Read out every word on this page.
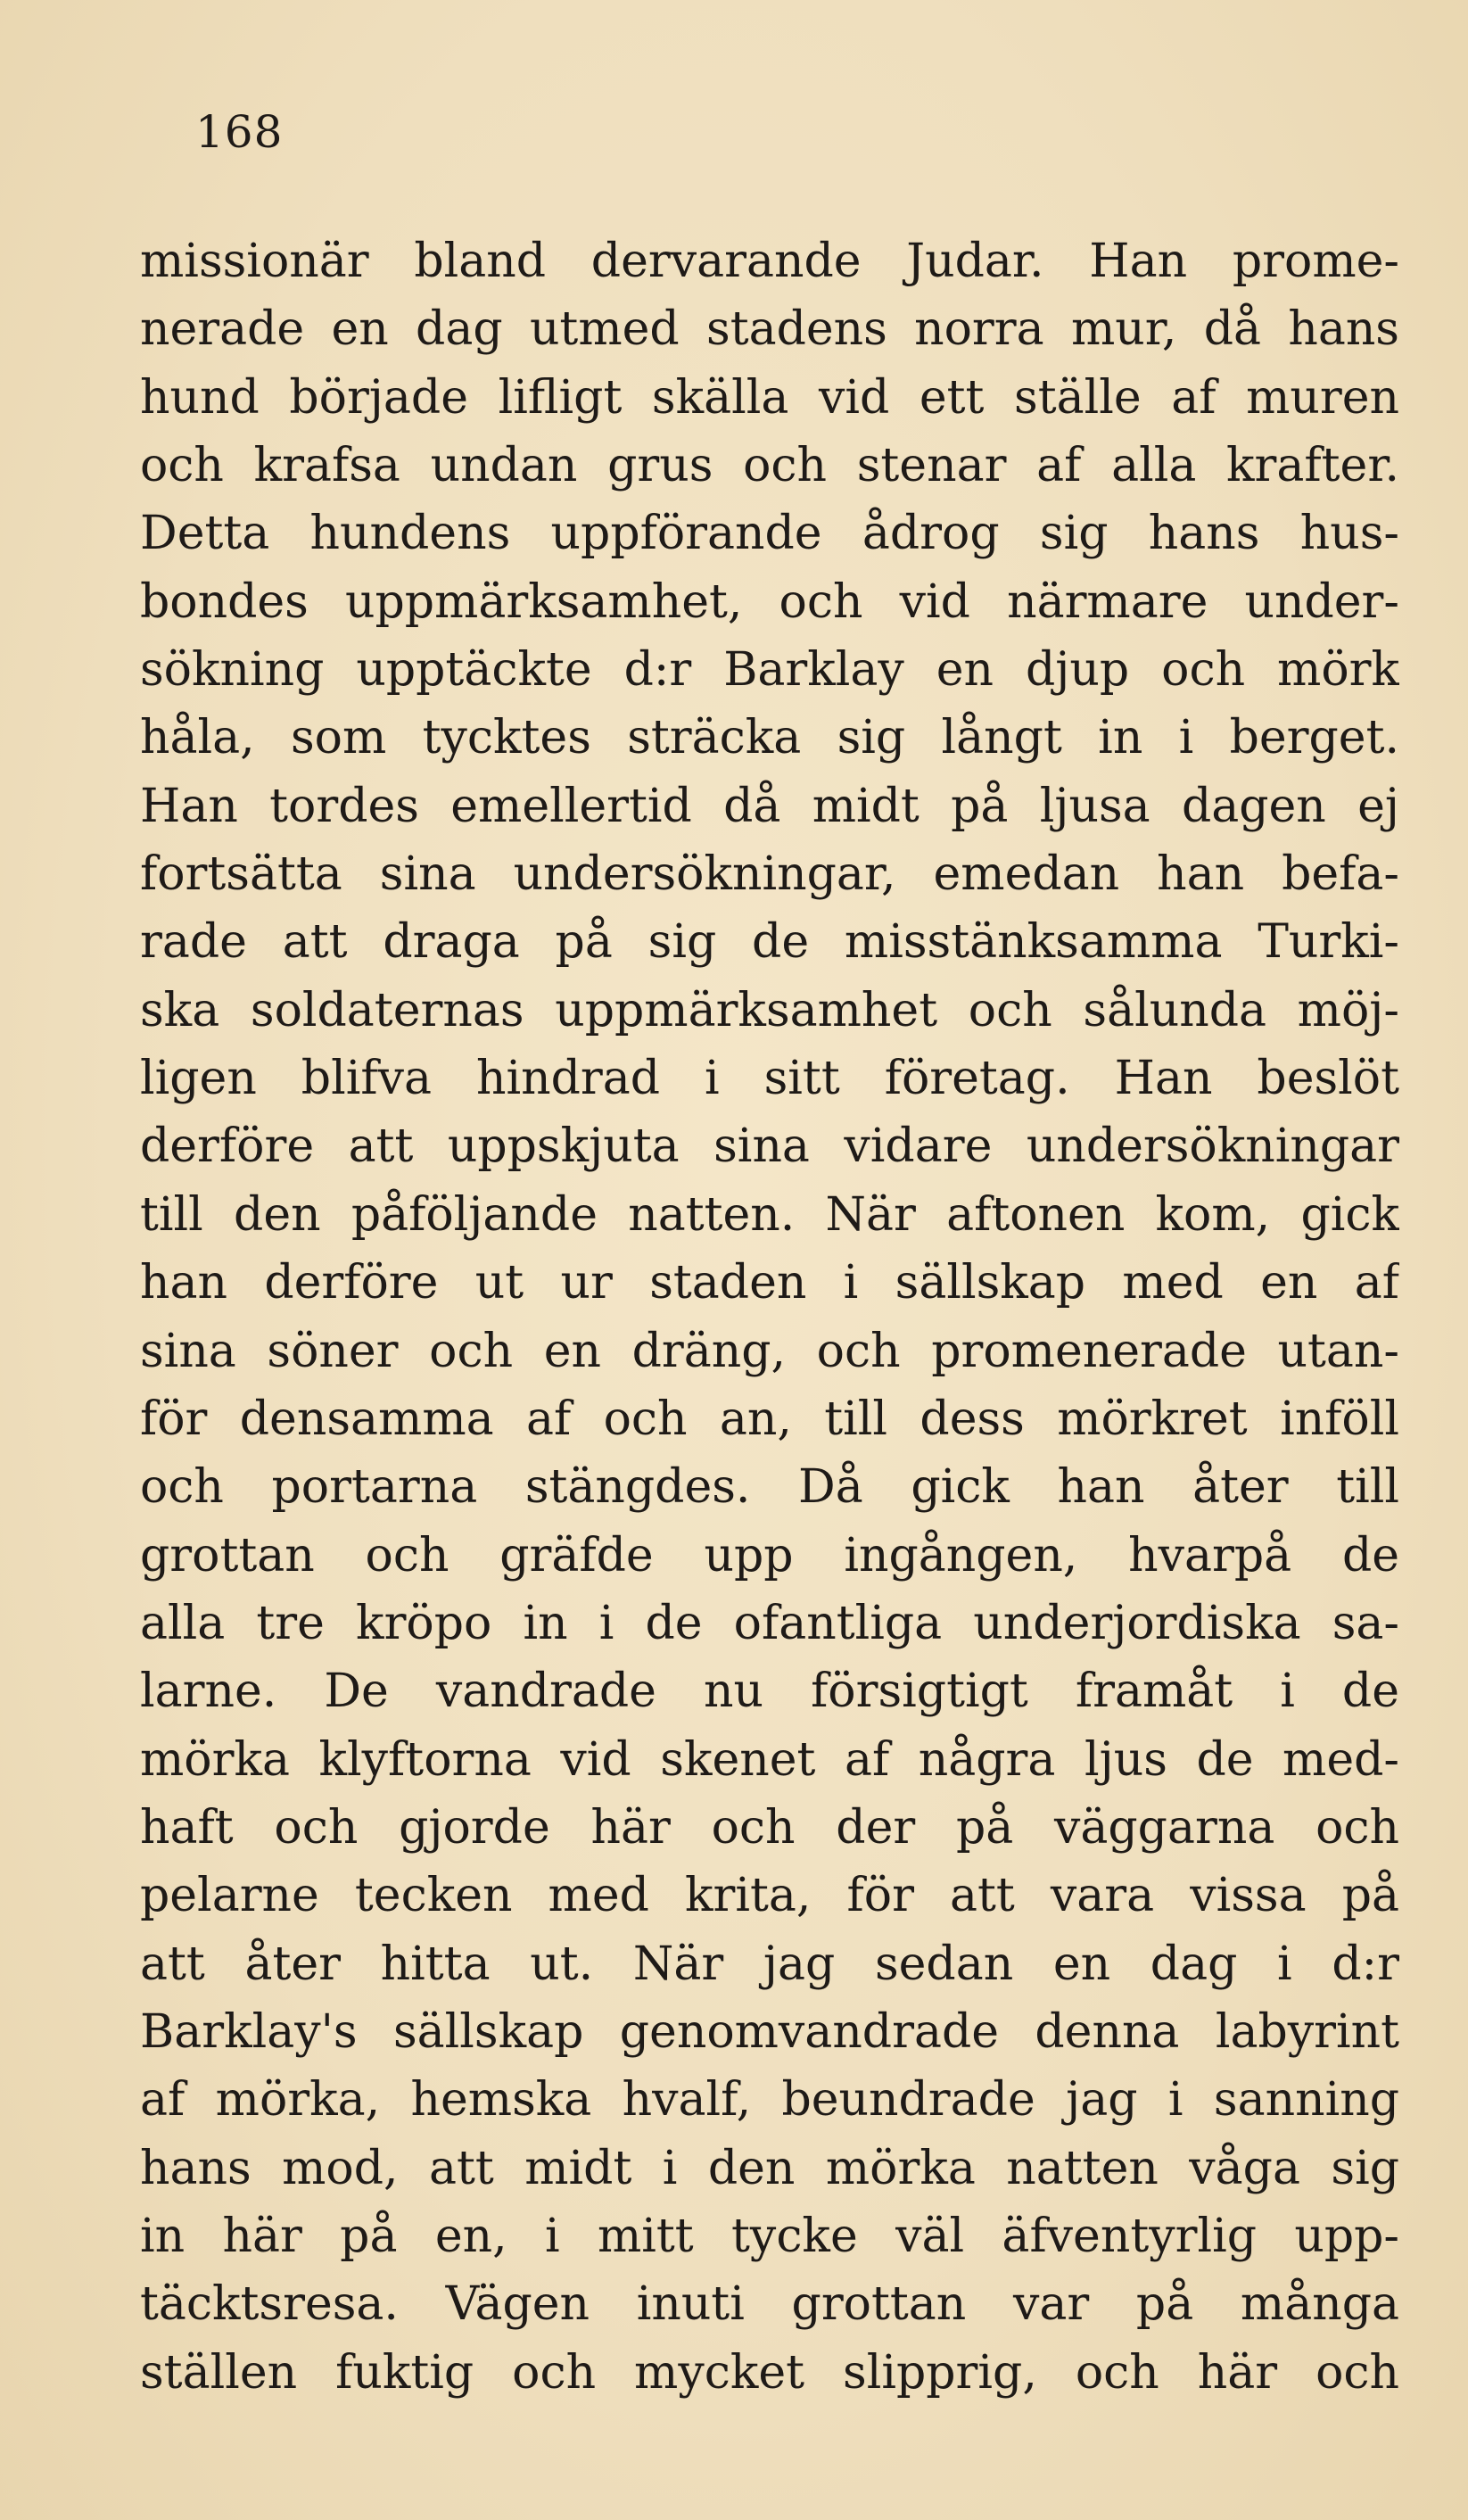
168
missionär bland dervarande Judar. Han prome-
nerade en dag utmed stadens norra mur, då hans
hund började lifligt skälla vid ett ställe af muren
och krafsa undan grus och stenar af alla krafter.
Detta hundens uppförande ådrog sig hans hus-
bondes uppmärksamhet, och vid närmare under-
sökning upptäckte d:r Barklay en djup och mörk
håla, som tycktes sträcka sig långt in i berget.
Han tordes emellertid då midt på ljusa dagen ej
fortsätta sina undersökningar, emedan han befa-
rade att draga på sig de misstänksamma Turki-
ska soldaternas uppmärksamhet och sålunda möj-
ligen blifva hindrad i sitt företag. Han beslöt
derföre att uppskjuta sina vidare undersökningar
till den påföljande natten. När aftonen kom, gick
han derföre ut ur staden i sällskap med en af
sina söner och en dräng, och promenerade utan-
för densamma af och an, till dess mörkret inföll
och portarna stängdes. Då gick han åter till
grottan och gräfde upp ingången, hvarpå de
alla tre kröpo in i de ofantliga underjordiska sa-
larne. De vandrade nu försigtigt framåt i de
mörka klyftorna vid skenet af några ljus de med-
haft och gjorde här och der på väggarna och
pelarne tecken med krita, för att vara vissa på
att åter hitta ut. När jag sedan en dag i d:r
Barklay's sällskap genomvandrade denna labyrint
af mörka, hemska hvalf, beundrade jag i sanning
hans mod, att midt i den mörka natten våga sig
in här på en, i mitt tycke väl äfventyrlig upp-
täcktsresa. Vägen inuti grottan var på många
ställen fuktig och mycket slipprig, och här och
